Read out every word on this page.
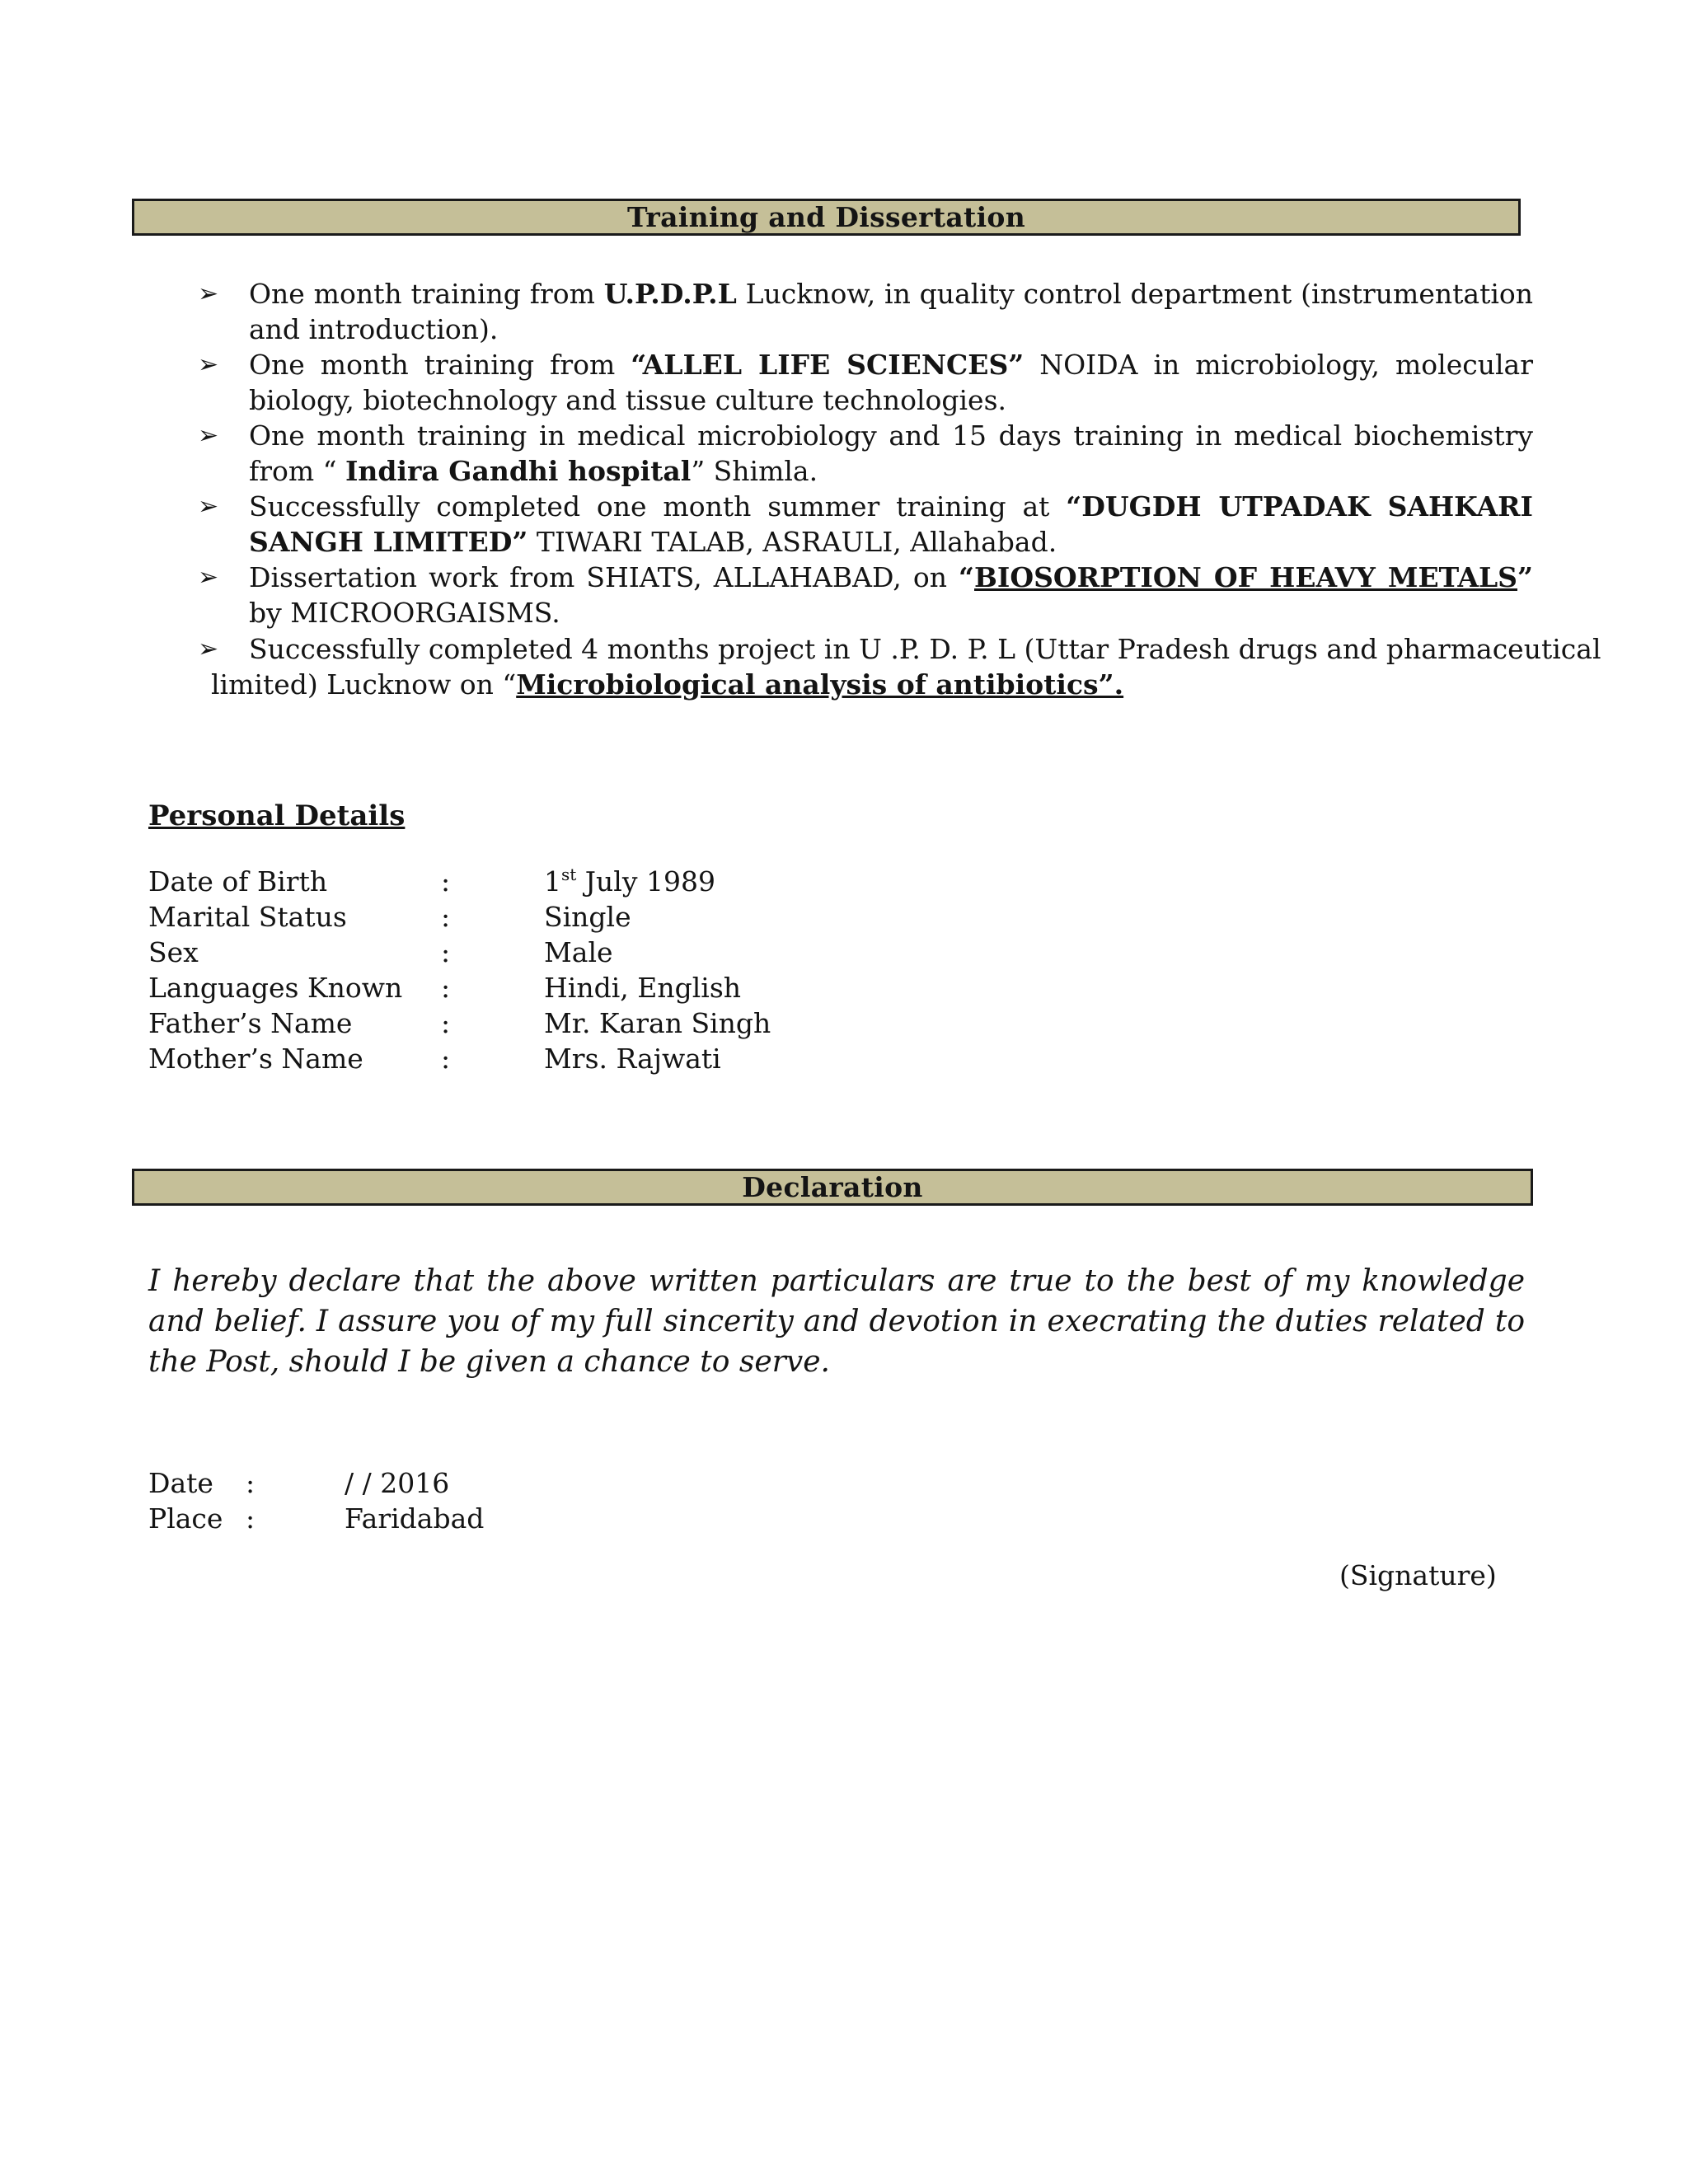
Training and Dissertation
➢ One month training from U.P.D.P.L Lucknow, in quality control department (instrumentation and introduction).
➢ One month training from “ALLEL LIFE SCIENCES” NOIDA in microbiology, molecular biology, biotechnology and tissue culture technologies.
➢ One month training in medical microbiology and 15 days training in medical biochemistry from “ Indira Gandhi hospital” Shimla.
➢ Successfully completed one month summer training at “DUGDH UTPADAK SAHKARI SANGH LIMITED” TIWARI TALAB, ASRAULI, Allahabad.
➢ Dissertation work from SHIATS, ALLAHABAD, on “BIOSORPTION OF HEAVY METALS” by MICROORGAISMS.
➢ Successfully completed 4 months project in U .P. D. P. L (Uttar Pradesh drugs and pharmaceutical
limited) Lucknow on “Microbiological analysis of antibiotics”.
Personal Details
Date of Birth	:	1st July 1989
Marital Status	:	Single
Sex	:	Male
Languages Known :	Hindi, English
Father’s Name	:	Mr. Karan Singh
Mother’s Name	:	Mrs. Rajwati
Declaration
I hereby declare that the above written particulars are true to the best of my knowledge and belief. I assure you of my full sincerity and devotion in execrating the duties related to the Post, should I be given a chance to serve.
Date :	/ / 2016
Place :	Faridabad
(Signature)
